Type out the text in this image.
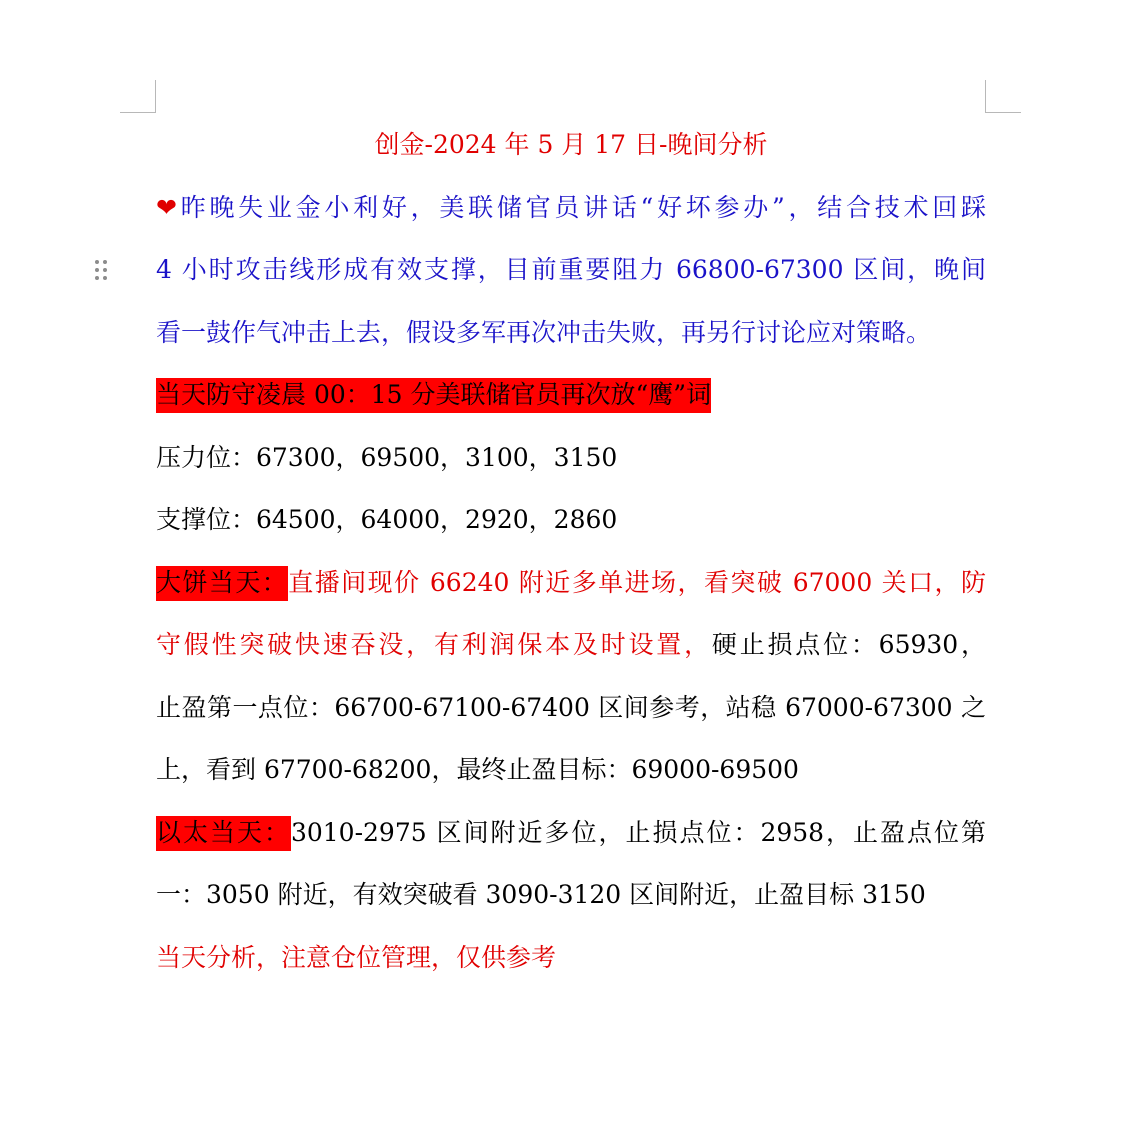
创金-2024 年 5 月 17 日-晚间分析
❤昨晚失业金小利好，美联储官员讲话“好坏参办”，结合技术回踩
4 小时攻击线形成有效支撑，目前重要阻力 66800-67300 区间，晚间
看一鼓作气冲击上去，假设多军再次冲击失败，再另行讨论应对策略。
当天防守凌晨 00：15 分美联储官员再次放“鹰”词
压力位：67300，69500，3100，3150
支撑位：64500，64000，2920，2860
大饼当天：直播间现价 66240 附近多单进场，看突破 67000 关口，防
守假性突破快速吞没，有利润保本及时设置，硬止损点位：65930，
止盈第一点位：66700-67100-67400 区间参考，站稳 67000-67300 之
上，看到 67700-68200，最终止盈目标：69000-69500
以太当天：3010-2975 区间附近多位，止损点位：2958，止盈点位第
一：3050 附近，有效突破看 3090-3120 区间附近，止盈目标 3150
当天分析，注意仓位管理，仅供参考
